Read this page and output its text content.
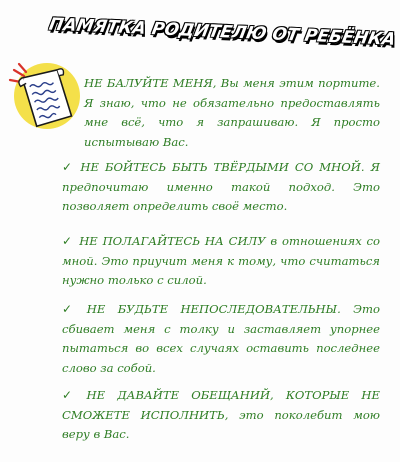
ПАМЯТКА РОДИТЕЛЮ ОТ РЕБЁНКА
НЕ БАЛУЙТЕ МЕНЯ, Вы меня этим портите. Я знаю, что не обязательно предоставлять мне всё, что я запрашиваю. Я просто испытываю Вас.
✓ НЕ БОЙТЕСЬ БЫТЬ ТВЁРДЫМИ СО МНОЙ. Я предпочитаю именно такой подход. Это позволяет определить своё место.
✓ НЕ ПОЛАГАЙТЕСЬ НА СИЛУ в отношениях со мной. Это приучит меня к тому, что считаться нужно только с силой.
✓ НЕ БУДЬТЕ НЕПОСЛЕДОВАТЕЛЬНЫ. Это сбивает меня с толку и заставляет упорнее пытаться во всех случаях оставить последнее слово за собой.
✓ НЕ ДАВАЙТЕ ОБЕЩАНИЙ, КОТОРЫЕ НЕ СМОЖЕТЕ ИСПОЛНИТЬ, это поколебит мою веру в Вас.
